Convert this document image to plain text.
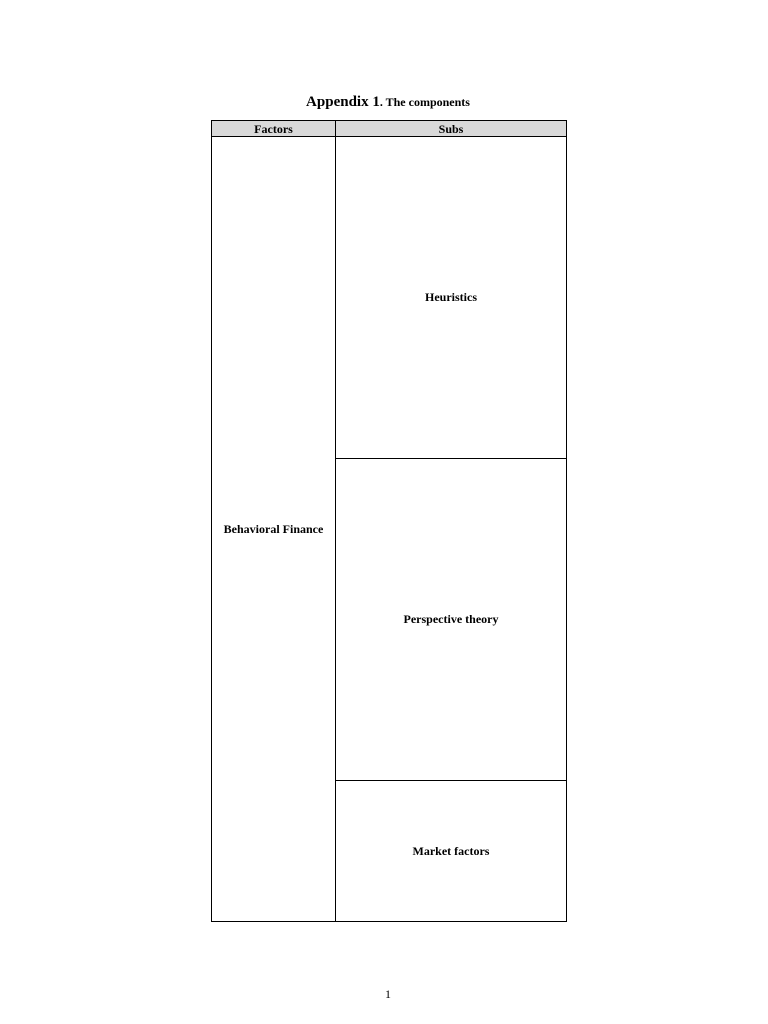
Appendix 1. The components
Factors	Subs
Behavioral Finance	Heuristics
	Perspective theory
	Market factors
1
